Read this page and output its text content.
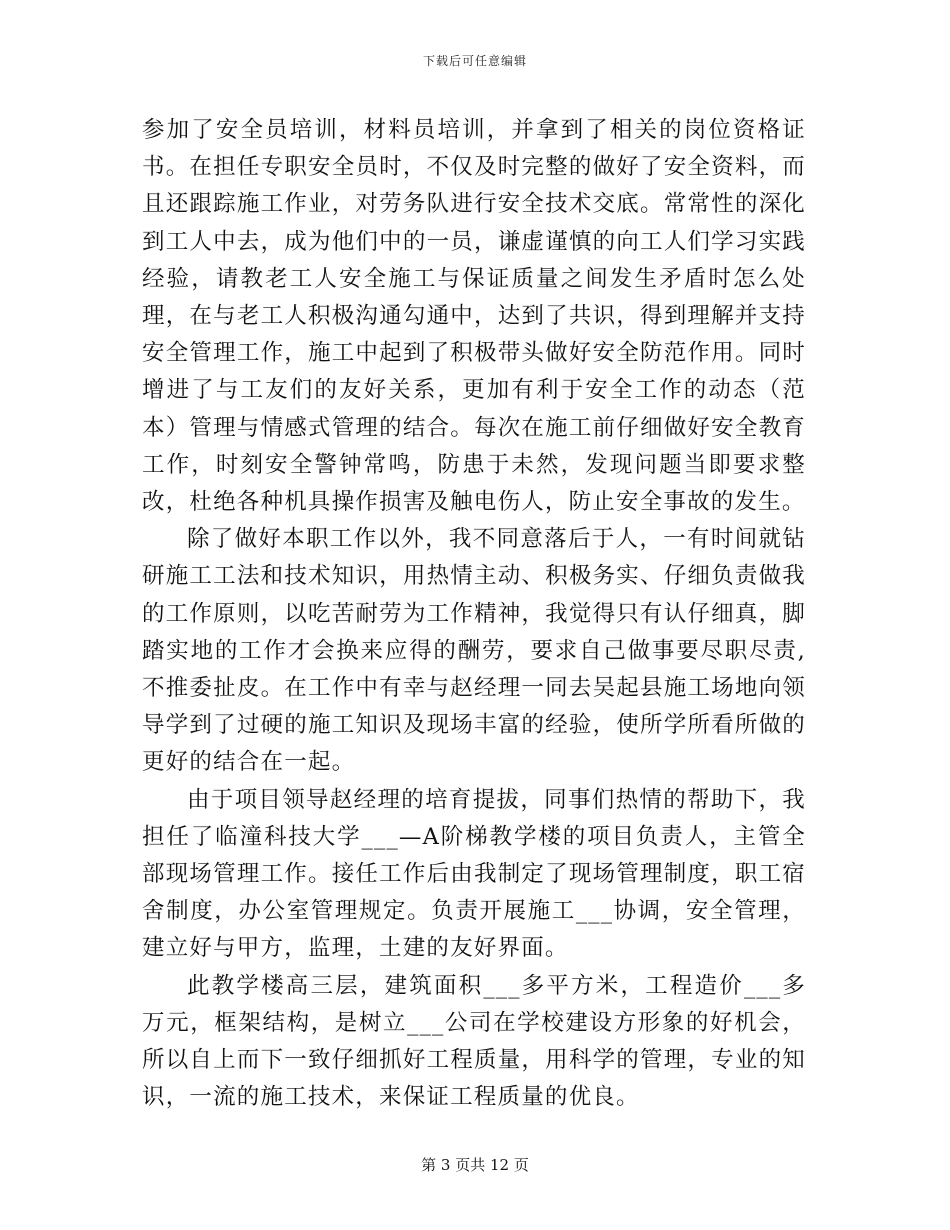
下载后可任意编辑

参加了安全员培训，材料员培训，并拿到了相关的岗位资格证书。在担任专职安全员时，不仅及时完整的做好了安全资料，而且还跟踪施工作业，对劳务队进行安全技术交底。常常性的深化到工人中去，成为他们中的一员，谦虚谨慎的向工人们学习实践经验，请教老工人安全施工与保证质量之间发生矛盾时怎么处理，在与老工人积极沟通勾通中，达到了共识，得到理解并支持安全管理工作，施工中起到了积极带头做好安全防范作用。同时增进了与工友们的友好关系，更加有利于安全工作的动态（范本）管理与情感式管理的结合。每次在施工前仔细做好安全教育工作，时刻安全警钟常鸣，防患于未然，发现问题当即要求整改，杜绝各种机具操作损害及触电伤人，防止安全事故的发生。

除了做好本职工作以外，我不同意落后于人，一有时间就钻研施工工法和技术知识，用热情主动、积极务实、仔细负责做我的工作原则，以吃苦耐劳为工作精神，我觉得只有认仔细真，脚踏实地的工作才会换来应得的酬劳，要求自己做事要尽职尽责,不推委扯皮。在工作中有幸与赵经理一同去吴起县施工场地向领导学到了过硬的施工知识及现场丰富的经验，使所学所看所做的更好的结合在一起。

由于项目领导赵经理的培育提拔，同事们热情的帮助下，我担任了临潼科技大学___—A阶梯教学楼的项目负责人，主管全部现场管理工作。接任工作后由我制定了现场管理制度，职工宿舍制度，办公室管理规定。负责开展施工___协调，安全管理，建立好与甲方，监理，土建的友好界面。

此教学楼高三层，建筑面积___多平方米，工程造价___多万元，框架结构，是树立___公司在学校建设方形象的好机会，所以自上而下一致仔细抓好工程质量，用科学的管理，专业的知识，一流的施工技术，来保证工程质量的优良。

第 3 页共 12 页
